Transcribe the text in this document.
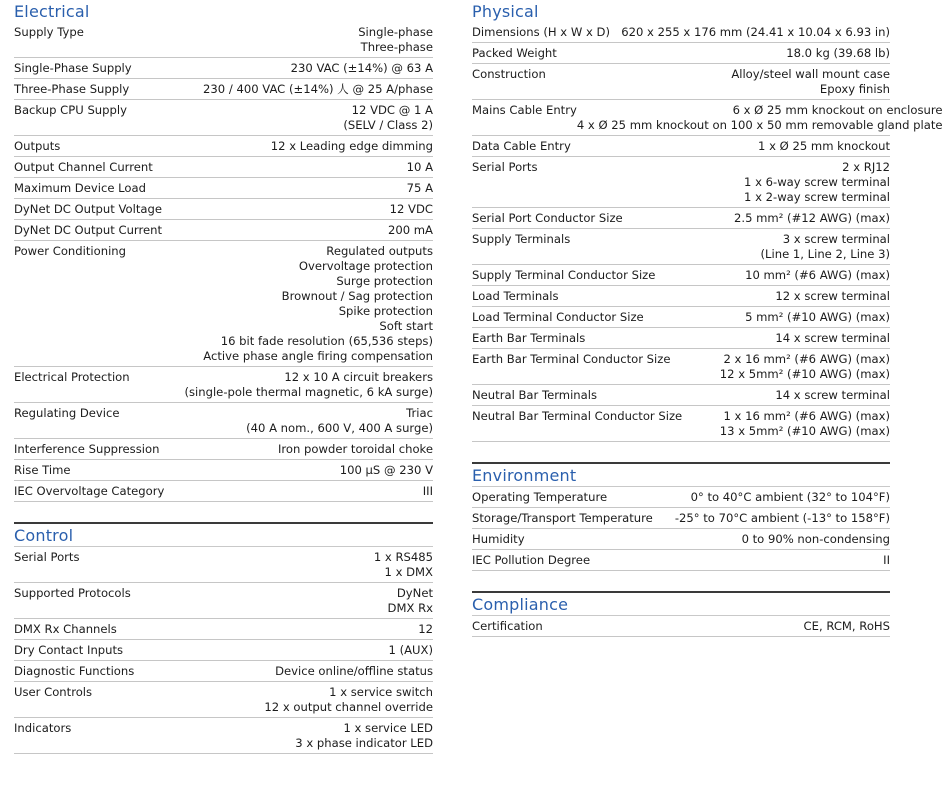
Electrical
Supply Type	Single-phase
Three-phase
Single-Phase Supply	230 VAC (±14%) @ 63 A
Three-Phase Supply	230 / 400 VAC (±14%) 人 @ 25 A/phase
Backup CPU Supply	12 VDC @ 1 A
(SELV / Class 2)
Outputs	12 x Leading edge dimming
Output Channel Current	10 A
Maximum Device Load	75 A
DyNet DC Output Voltage	12 VDC
DyNet DC Output Current	200 mA
Power Conditioning	Regulated outputs
Overvoltage protection
Surge protection
Brownout / Sag protection
Spike protection
Soft start
16 bit fade resolution (65,536 steps)
Active phase angle firing compensation
Electrical Protection	12 x 10 A circuit breakers
(single-pole thermal magnetic, 6 kA surge)
Regulating Device	Triac
(40 A nom., 600 V, 400 A surge)
Interference Suppression	Iron powder toroidal choke
Rise Time	100 µS @ 230 V
IEC Overvoltage Category	III
Control
Serial Ports	1 x RS485
1 x DMX
Supported Protocols	DyNet
DMX Rx
DMX Rx Channels	12
Dry Contact Inputs	1 (AUX)
Diagnostic Functions	Device online/offline status
User Controls	1 x service switch
12 x output channel override
Indicators	1 x service LED
3 x phase indicator LED
Physical
Dimensions (H x W x D) 620 x 255 x 176 mm (24.41 x 10.04 x 6.93 in)
Packed Weight	18.0 kg (39.68 lb)
Construction	Alloy/steel wall mount case
Epoxy finish
Mains Cable Entry	6 x Ø 25 mm knockout on enclosure
4 x Ø 25 mm knockout on 100 x 50 mm removable gland plate
Data Cable Entry	1 x Ø 25 mm knockout
Serial Ports	2 x RJ12
1 x 6-way screw terminal
1 x 2-way screw terminal
Serial Port Conductor Size	2.5 mm² (#12 AWG) (max)
Supply Terminals	3 x screw terminal
(Line 1, Line 2, Line 3)
Supply Terminal Conductor Size	10 mm² (#6 AWG) (max)
Load Terminals	12 x screw terminal
Load Terminal Conductor Size	5 mm² (#10 AWG) (max)
Earth Bar Terminals	14 x screw terminal
Earth Bar Terminal Conductor Size	2 x 16 mm² (#6 AWG) (max)
12 x 5mm² (#10 AWG) (max)
Neutral Bar Terminals	14 x screw terminal
Neutral Bar Terminal Conductor Size	1 x 16 mm² (#6 AWG) (max)
13 x 5mm² (#10 AWG) (max)
Environment
Operating Temperature	0° to 40°C ambient (32° to 104°F)
Storage/Transport Temperature -25° to 70°C ambient (-13° to 158°F)
Humidity	0 to 90% non-condensing
IEC Pollution Degree	II
Compliance
Certification	CE, RCM, RoHS
